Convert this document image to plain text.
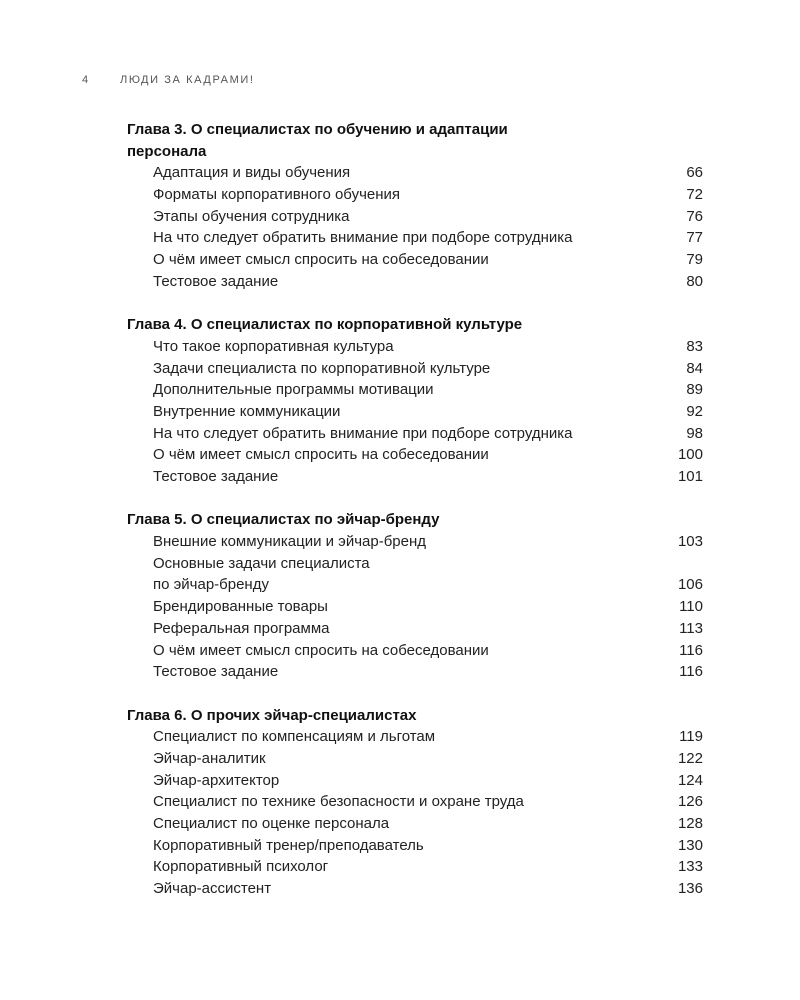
4	ЛЮДИ ЗА КАДРАМИ!
Глава 3. О специалистах по обучению и адаптации
персонала
Адаптация и виды обучения	66
Форматы корпоративного обучения	72
Этапы обучения сотрудника	76
На что следует обратить внимание при подборе сотрудника	77
О чём имеет смысл спросить на собеседовании	79
Тестовое задание	80
Глава 4. О специалистах по корпоративной культуре
Что такое корпоративная культура	83
Задачи специалиста по корпоративной культуре	84
Дополнительные программы мотивации	89
Внутренние коммуникации	92
На что следует обратить внимание при подборе сотрудника	98
О чём имеет смысл спросить на собеседовании	100
Тестовое задание	101
Глава 5. О специалистах по эйчар-бренду
Внешние коммуникации и эйчар-бренд	103
Основные задачи специалиста
по эйчар-бренду	106
Брендированные товары	110
Реферальная программа	113
О чём имеет смысл спросить на собеседовании	116
Тестовое задание	116
Глава 6. О прочих эйчар-специалистах
Специалист по компенсациям и льготам	119
Эйчар-аналитик	122
Эйчар-архитектор	124
Специалист по технике безопасности и охране труда	126
Специалист по оценке персонала	128
Корпоративный тренер/преподаватель	130
Корпоративный психолог	133
Эйчар-ассистент	136
